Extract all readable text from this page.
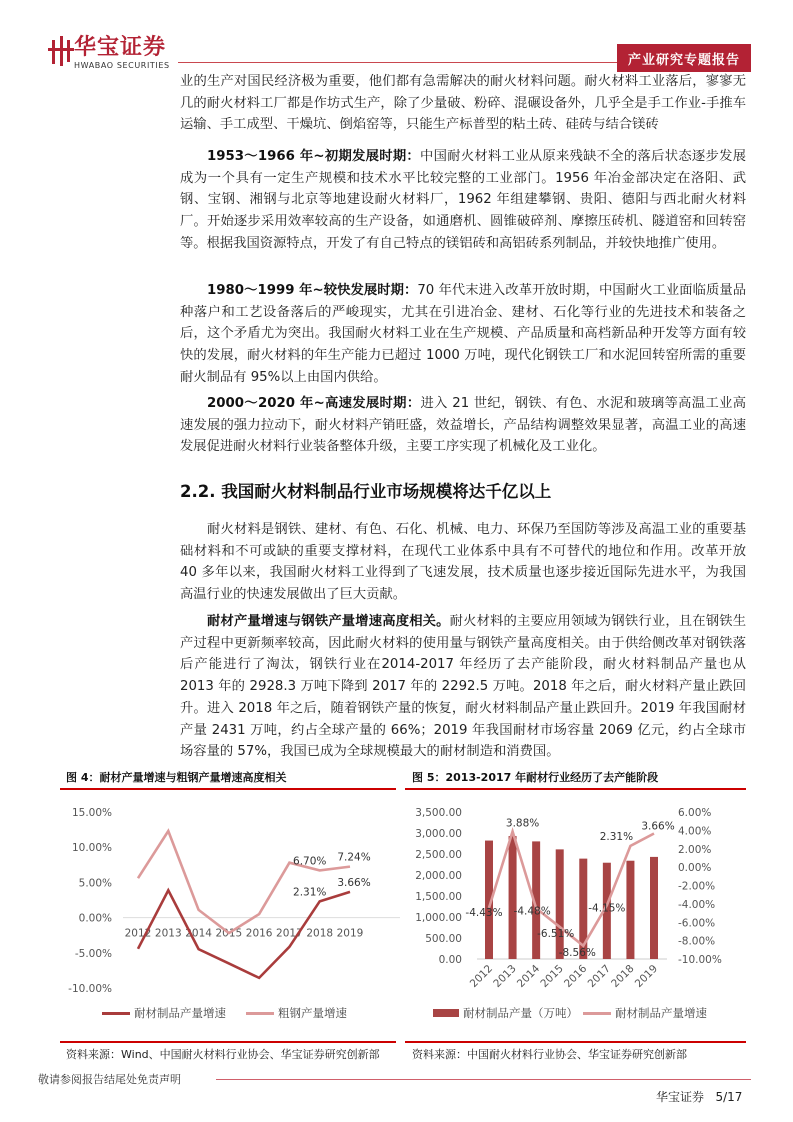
华宝证券
HWABAO SECURITIES	产业研究专题报告
业的生产对国民经济极为重要，他们都有急需解决的耐火材料问题。耐火材料工业落后，寥寥无几的耐火材料工厂都是作坊式生产，除了少量破、粉碎、混碾设备外，几乎全是手工作业-手推车运输、手工成型、干燥坑、倒焰窑等，只能生产标普型的粘土砖、硅砖与结合镁砖
1953～1966 年~初期发展时期：中国耐火材料工业从原来残缺不全的落后状态逐步发展成为一个具有一定生产规模和技术水平比较完整的工业部门。1956 年冶金部决定在洛阳、武钢、宝钢、湘钢与北京等地建设耐火材料厂，1962 年组建攀钢、贵阳、德阳与西北耐火材料厂。开始逐步采用效率较高的生产设备，如通磨机、圆锥破碎剂、摩擦压砖机、隧道窑和回转窑等。根据我国资源特点，开发了有自己特点的镁铝砖和高铝砖系列制品，并较快地推广使用。
1980～1999 年~较快发展时期：70 年代末进入改革开放时期，中国耐火工业面临质量品种落户和工艺设备落后的严峻现实，尤其在引进冶金、建材、石化等行业的先进技术和装备之后，这个矛盾尤为突出。我国耐火材料工业在生产规模、产品质量和高档新品种开发等方面有较快的发展，耐火材料的年生产能力已超过 1000 万吨，现代化钢铁工厂和水泥回转窑所需的重要耐火制品有 95%以上由国内供给。
2000～2020 年~高速发展时期：进入 21 世纪，钢铁、有色、水泥和玻璃等高温工业高速发展的强力拉动下，耐火材料产销旺盛，效益增长，产品结构调整效果显著，高温工业的高速发展促进耐火材料行业装备整体升级，主要工序实现了机械化及工业化。
2.2. 我国耐火材料制品行业市场规模将达千亿以上
耐火材料是钢铁、建材、有色、石化、机械、电力、环保乃至国防等涉及高温工业的重要基础材料和不可或缺的重要支撑材料，在现代工业体系中具有不可替代的地位和作用。改革开放 40 多年以来，我国耐火材料工业得到了飞速发展，技术质量也逐步接近国际先进水平，为我国高温行业的快速发展做出了巨大贡献。
耐材产量增速与钢铁产量增速高度相关。耐火材料的主要应用领域为钢铁行业，且在钢铁生产过程中更新频率较高，因此耐火材料的使用量与钢铁产量高度相关。由于供给侧改革对钢铁落后产能进行了淘汰，钢铁行业在2014-2017 年经历了去产能阶段，耐火材料制品产量也从 2013 年的 2928.3 万吨下降到 2017 年的 2292.5 万吨。2018 年之后，耐火材料产量止跌回升。进入 2018 年之后，随着钢铁产量的恢复，耐火材料制品产量止跌回升。2019 年我国耐材产量 2431 万吨，约占全球产量的 66%；2019 年我国耐材市场容量 2069 亿元，约占全球市场容量的 57%，我国已成为全球规模最大的耐材制造和消费国。
图 4：耐材产量增速与粗钢产量增速高度相关	图 5：2013-2017 年耐材行业经历了去产能阶段
15.00%
10.00%
5.00%
0.00%
-5.00%
-10.00%
2012 2013 2014 2015 2016 2017 2018 2019
6.70% 7.24%
2.31%
3.66%
耐材制品产量增速	粗钢产量增速
3,500.00
3,000.00
2,500.00
2,000.00
1,500.00
1,000.00
500.00
0.00
6.00%
4.00%
2.00%
0.00%
-2.00%
-4.00%
-6.00%
-8.00%
-10.00%
2012
2013
2014
2015
2016
2017
2018
2019
-4.43%
3.88%
-4.48%
-6.51%
-8.56%
-4.15%
2.31%
3.66%
耐材制品产量（万吨）	耐材制品产量增速
资料来源：Wind、中国耐火材料行业协会、华宝证券研究创新部	资料来源：中国耐火材料行业协会、华宝证券研究创新部
敬请参阅报告结尾处免责声明
华宝证券 5/17
